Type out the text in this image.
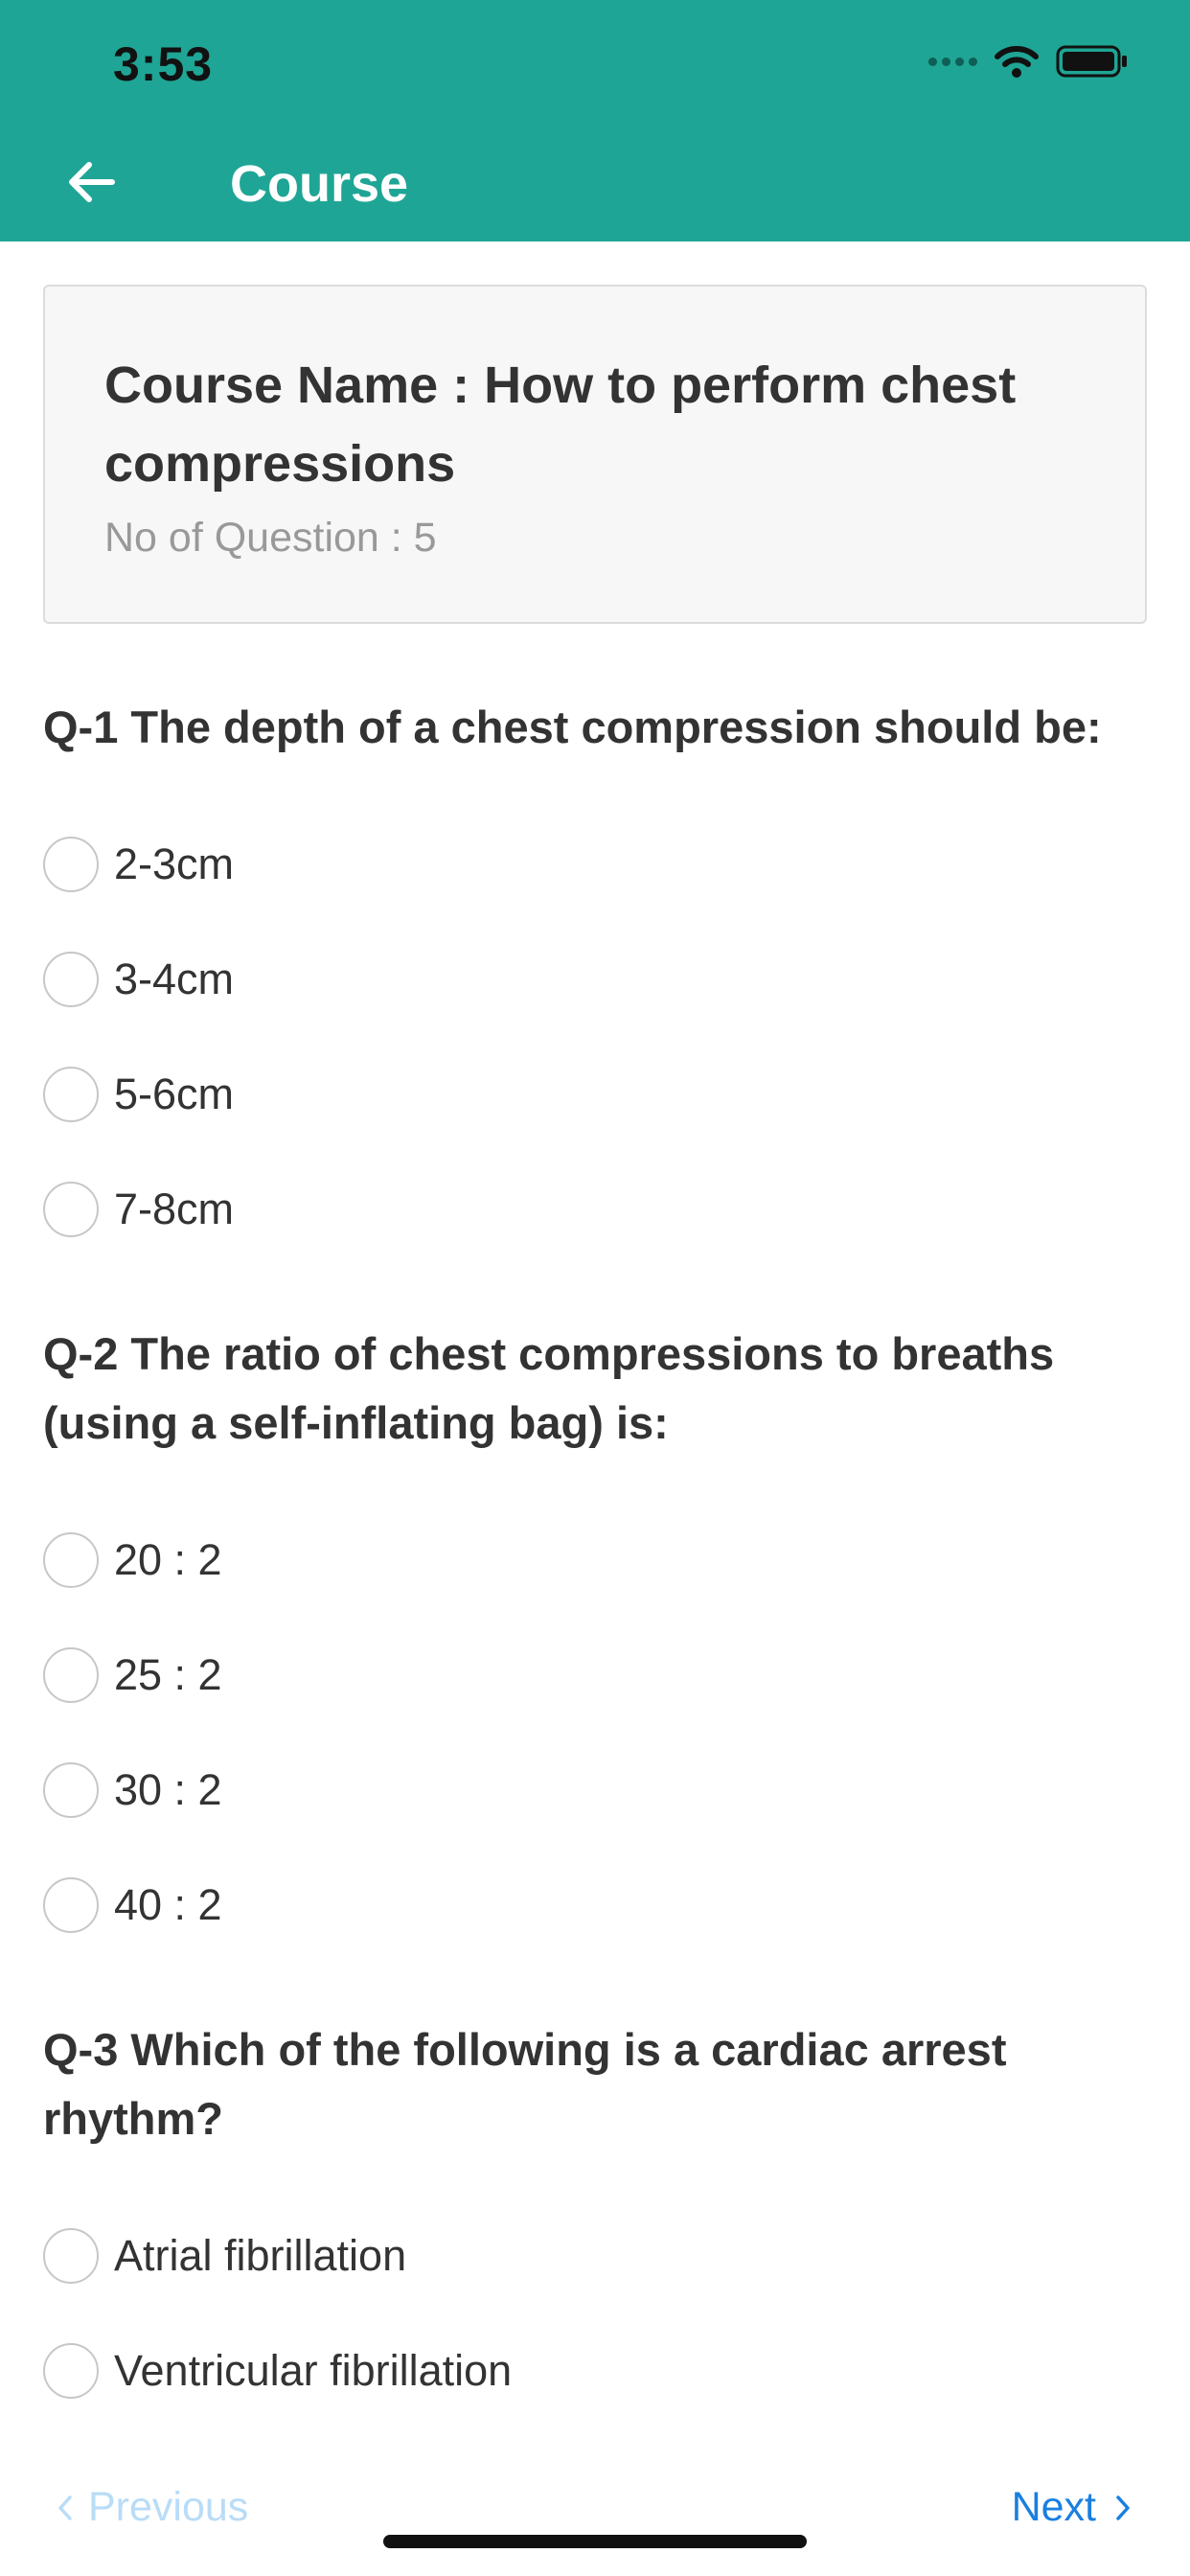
3:53
Course
Course Name : How to perform chest compressions
No of Question : 5
Q-1 The depth of a chest compression should be:
2-3cm
3-4cm
5-6cm
7-8cm
Q-2 The ratio of chest compressions to breaths (using a self-inflating bag) is:
20 : 2
25 : 2
30 : 2
40 : 2
Q-3 Which of the following is a cardiac arrest rhythm?
Atrial fibrillation
Ventricular fibrillation
Previous	Next
